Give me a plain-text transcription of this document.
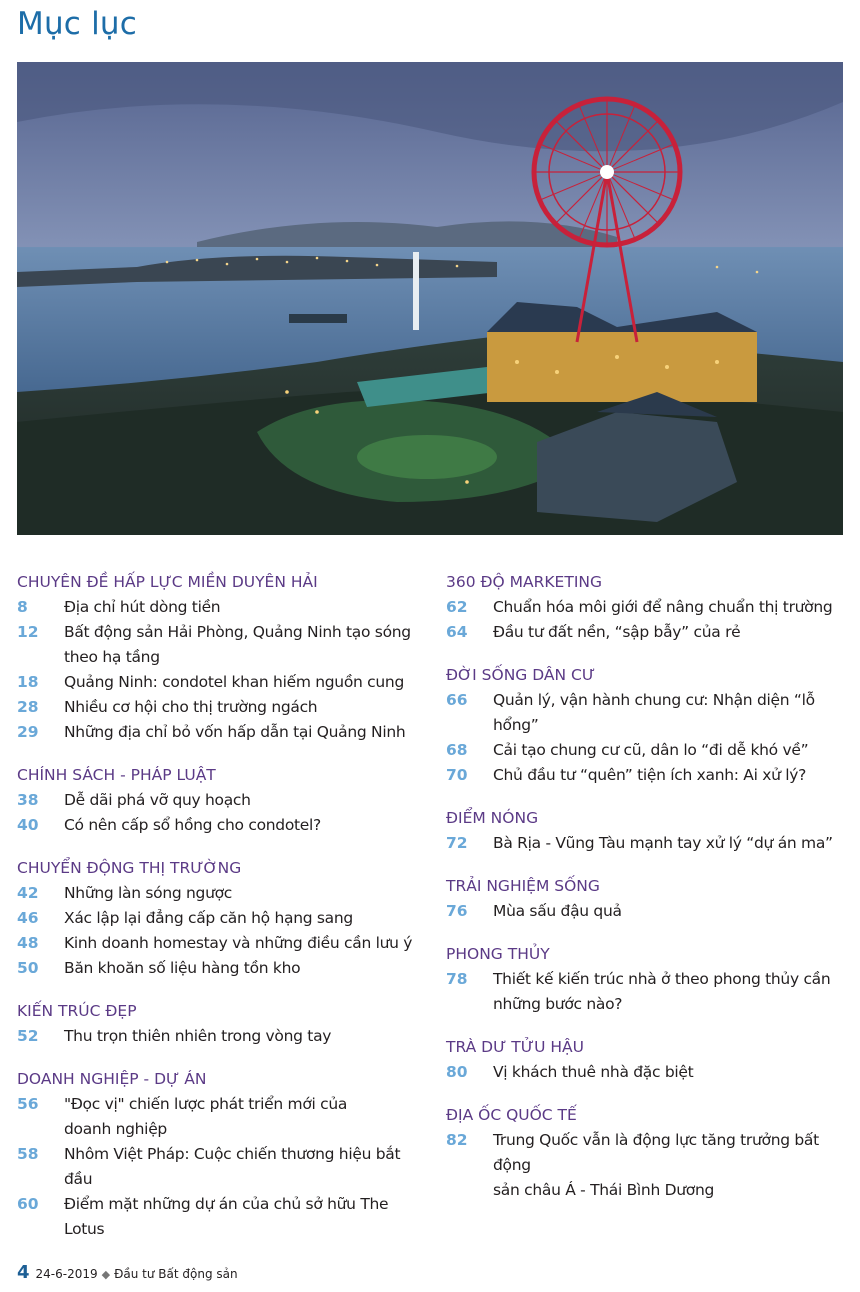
Mục lục
CHUYÊN ĐỀ HẤP LỰC MIỀN DUYÊN HẢI
8	Địa chỉ hút dòng tiền
12	Bất động sản Hải Phòng, Quảng Ninh tạo sóng
theo hạ tầng
18	Quảng Ninh: condotel khan hiếm nguồn cung
28	Nhiều cơ hội cho thị trường ngách
29	Những địa chỉ bỏ vốn hấp dẫn tại Quảng Ninh
CHÍNH SÁCH - PHÁP LUẬT
38	Dễ dãi phá vỡ quy hoạch
40	Có nên cấp sổ hồng cho condotel?
CHUYỂN ĐỘNG THỊ TRƯỜNG
42	Những làn sóng ngược
46	Xác lập lại đẳng cấp căn hộ hạng sang
48	Kinh doanh homestay và những điều cần lưu ý
50	Băn khoăn số liệu hàng tồn kho
KIẾN TRÚC ĐẸP
52	Thu trọn thiên nhiên trong vòng tay
DOANH NGHIỆP - DỰ ÁN
56	"Đọc vị" chiến lược phát triển mới của
doanh nghiệp
58	Nhôm Việt Pháp: Cuộc chiến thương hiệu bắt đầu
60	Điểm mặt những dự án của chủ sở hữu The Lotus
360 ĐỘ MARKETING
62	Chuẩn hóa môi giới để nâng chuẩn thị trường
64	Đầu tư đất nền, “sập bẫy” của rẻ
ĐỜI SỐNG DÂN CƯ
66	Quản lý, vận hành chung cư: Nhận diện “lỗ hổng”
68	Cải tạo chung cư cũ, dân lo “đi dễ khó về”
70	Chủ đầu tư “quên” tiện ích xanh: Ai xử lý?
ĐIỂM NÓNG
72	Bà Rịa - Vũng Tàu mạnh tay xử lý “dự án ma”
TRẢI NGHIỆM SỐNG
76	Mùa sấu đậu quả
PHONG THỦY
78	Thiết kế kiến trúc nhà ở theo phong thủy cần
những bước nào?
TRÀ DƯ TỬU HẬU
80	Vị khách thuê nhà đặc biệt
ĐỊA ỐC QUỐC TẾ
82	Trung Quốc vẫn là động lực tăng trưởng bất động
sản châu Á - Thái Bình Dương
4 24-6-2019 ◆ Đầu tư Bất động sản
